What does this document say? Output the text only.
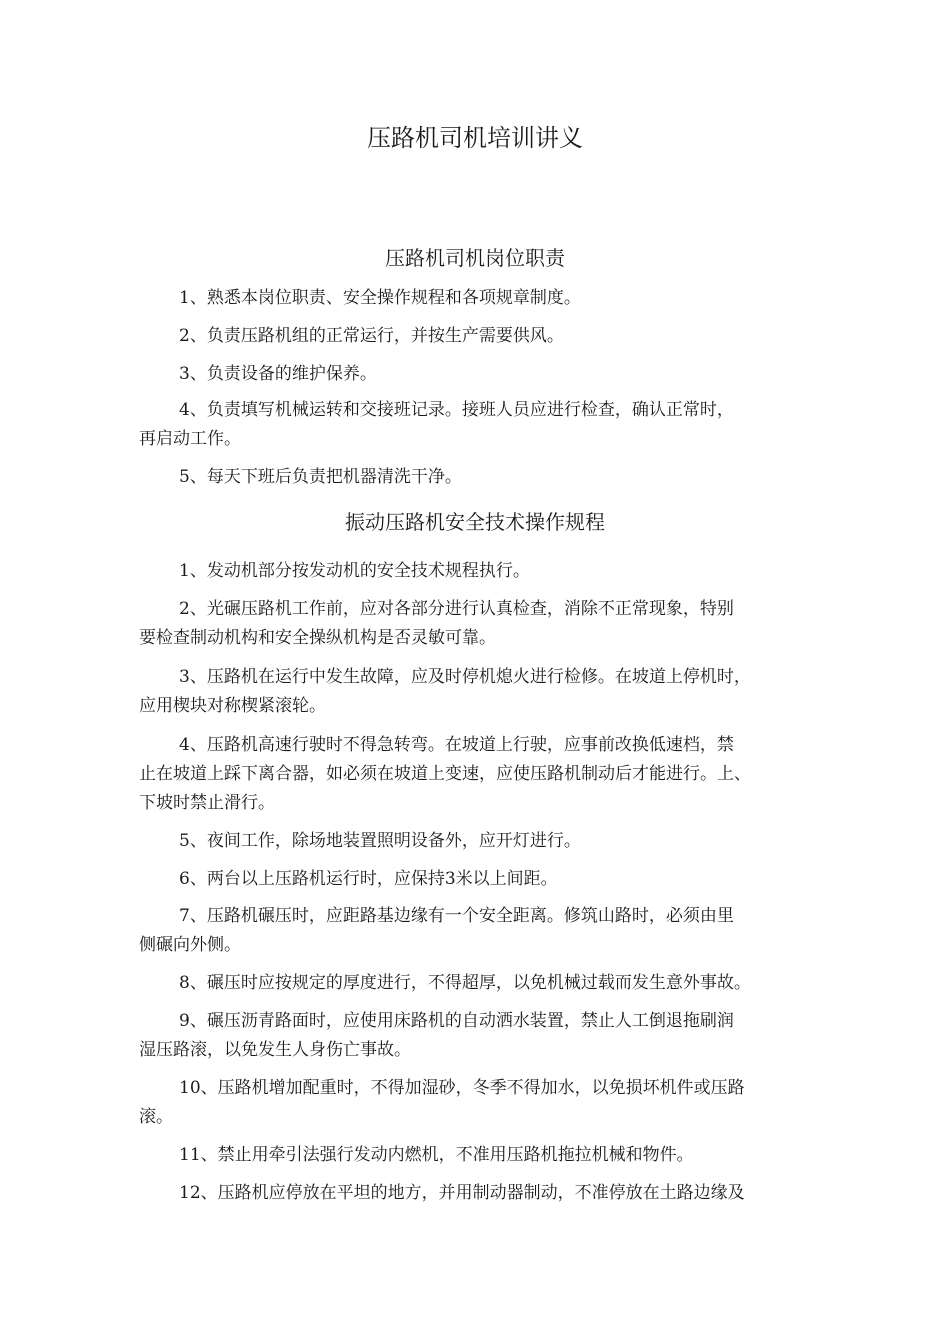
压路机司机培训讲义
压路机司机岗位职责
1、熟悉本岗位职责、安全操作规程和各项规章制度。
2、负责压路机组的正常运行，并按生产需要供风。
3、负责设备的维护保养。
4、负责填写机械运转和交接班记录。接班人员应进行检查，确认正常时，
再启动工作。
5、每天下班后负责把机器清洗干净。
振动压路机安全技术操作规程
1、发动机部分按发动机的安全技术规程执行。
2、光碾压路机工作前，应对各部分进行认真检查，消除不正常现象，特别
要检查制动机构和安全操纵机构是否灵敏可靠。
3、压路机在运行中发生故障，应及时停机熄火进行检修。在坡道上停机时，
应用楔块对称楔紧滚轮。
4、压路机高速行驶时不得急转弯。在坡道上行驶，应事前改换低速档，禁
止在坡道上踩下离合器，如必须在坡道上变速，应使压路机制动后才能进行。上、
下坡时禁止滑行。
5、夜间工作，除场地装置照明设备外，应开灯进行。
6、两台以上压路机运行时，应保持3米以上间距。
7、压路机碾压时，应距路基边缘有一个安全距离。修筑山路时，必须由里
侧碾向外侧。
8、碾压时应按规定的厚度进行，不得超厚，以免机械过载而发生意外事故。
9、碾压沥青路面时，应使用床路机的自动洒水装置，禁止人工倒退拖刷润
湿压路滚，以免发生人身伤亡事故。
10、压路机增加配重时，不得加湿砂，冬季不得加水，以免损坏机件或压路
滚。
11、禁止用牵引法强行发动内燃机，不准用压路机拖拉机械和物件。
12、压路机应停放在平坦的地方，并用制动器制动，不准停放在土路边缘及
